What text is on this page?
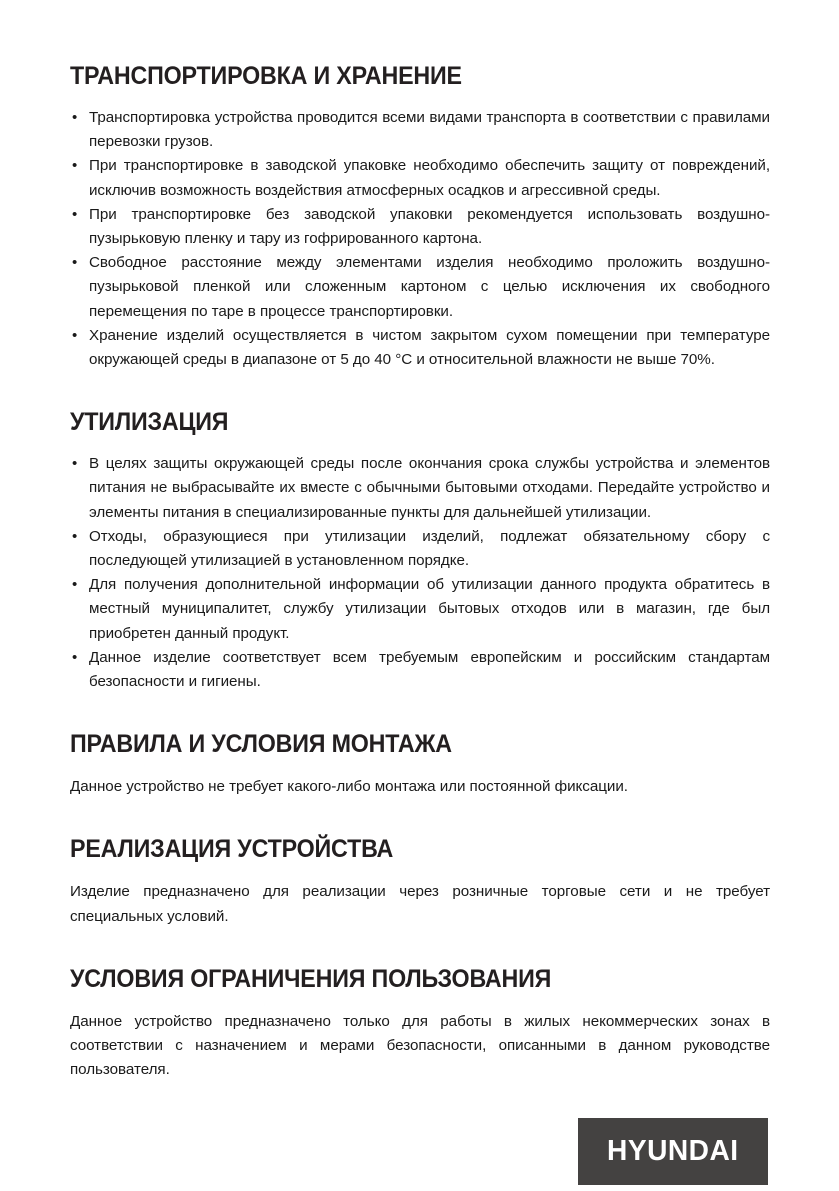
ТРАНСПОРТИРОВКА И ХРАНЕНИЕ
• Транспортировка устройства проводится всеми видами транспорта в соответствии с правилами перевозки грузов.
• При транспортировке в заводской упаковке необходимо обеспечить защиту от повреждений, исключив возможность воздействия атмосферных осадков и агрессивной среды.
• При транспортировке без заводской упаковки рекомендуется использовать воздушно-пузырьковую пленку и тару из гофрированного картона.
• Свободное расстояние между элементами изделия необходимо проложить воздушно-пузырьковой пленкой или сложенным картоном с целью исключения их свободного перемещения по таре в процессе транспортировки.
• Хранение изделий осуществляется в чистом закрытом сухом помещении при температуре окружающей среды в диапазоне от 5 до 40 °C и относительной влажности не выше 70%.
УТИЛИЗАЦИЯ
• В целях защиты окружающей среды после окончания срока службы устройства и элементов питания не выбрасывайте их вместе с обычными бытовыми отходами. Передайте устройство и элементы питания в специализированные пункты для дальнейшей утилизации.
• Отходы, образующиеся при утилизации изделий, подлежат обязательному сбору с последующей утилизацией в установленном порядке.
• Для получения дополнительной информации об утилизации данного продукта обратитесь в местный муниципалитет, службу утилизации бытовых отходов или в магазин, где был приобретен данный продукт.
• Данное изделие соответствует всем требуемым европейским и российским стандартам безопасности и гигиены.
ПРАВИЛА И УСЛОВИЯ МОНТАЖА

Данное устройство не требует какого-либо монтажа или постоянной фиксации.

РЕАЛИЗАЦИЯ УСТРОЙСТВА

Изделие предназначено для реализации через розничные торговые сети и не требует специальных условий.

УСЛОВИЯ ОГРАНИЧЕНИЯ ПОЛЬЗОВАНИЯ

Данное устройство предназначено только для работы в жилых некоммерческих зонах в соответствии с назначением и мерами безопасности, описанными в данном руководстве пользователя.

HYUNDAI
